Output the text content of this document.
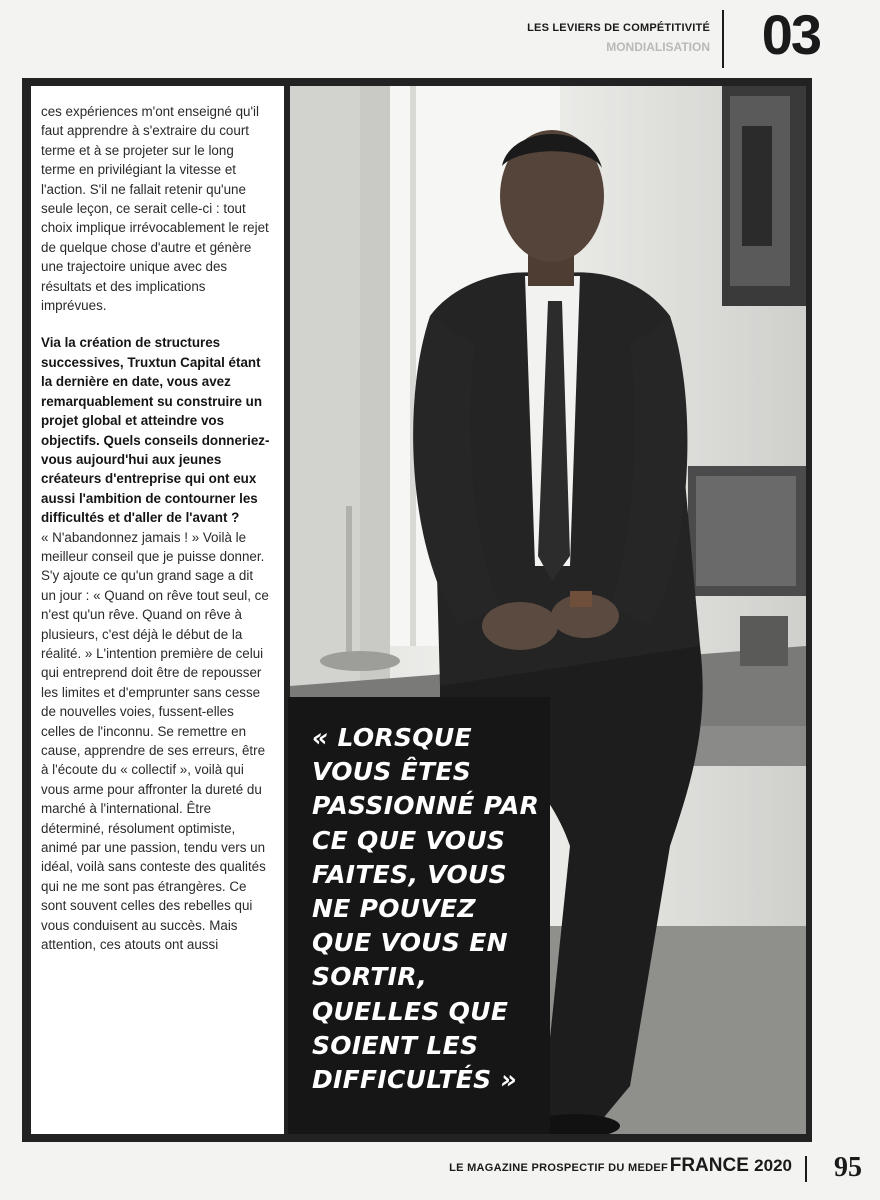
LES LEVIERS DE COMPÉTITIVITÉ
MONDIALISATION 03

ces expériences m'ont enseigné qu'il faut apprendre à s'extraire du court terme et à se projeter sur le long terme en privilégiant la vitesse et l'action. S'il ne fallait retenir qu'une seule leçon, ce serait celle-ci : tout choix implique irrévocablement le rejet de quelque chose d'autre et génère une trajectoire unique avec des résultats et des implications imprévues.

Via la création de structures successives, Truxtun Capital étant la dernière en date, vous avez remarquablement su construire un projet global et atteindre vos objectifs. Quels conseils donneriez-vous aujourd'hui aux jeunes créateurs d'entreprise qui ont eux aussi l'ambition de contourner les difficultés et d'aller de l'avant ?

« N'abandonnez jamais ! » Voilà le meilleur conseil que je puisse donner. S'y ajoute ce qu'un grand sage a dit un jour : « Quand on rêve tout seul, ce n'est qu'un rêve. Quand on rêve à plusieurs, c'est déjà le début de la réalité. » L'intention première de celui qui entreprend doit être de repousser les limites et d'emprunter sans cesse de nouvelles voies, fussent-elles celles de l'inconnu. Se remettre en cause, apprendre de ses erreurs, être à l'écoute du « collectif », voilà qui vous arme pour affronter la dureté du marché à l'international. Être déterminé, résolument optimiste, animé par une passion, tendu vers un idéal, voilà sans conteste des qualités qui ne me sont pas étrangères. Ce sont souvent celles des rebelles qui vous conduisent au succès. Mais attention, ces atouts ont aussi

« LORSQUE VOUS ÊTES PASSIONNÉ PAR CE QUE VOUS FAITES, VOUS NE POUVEZ QUE VOUS EN SORTIR, QUELLES QUE SOIENT LES DIFFICULTÉS »
LE MAGAZINE PROSPECTIF DU MEDEF FRANCE 2020 95
